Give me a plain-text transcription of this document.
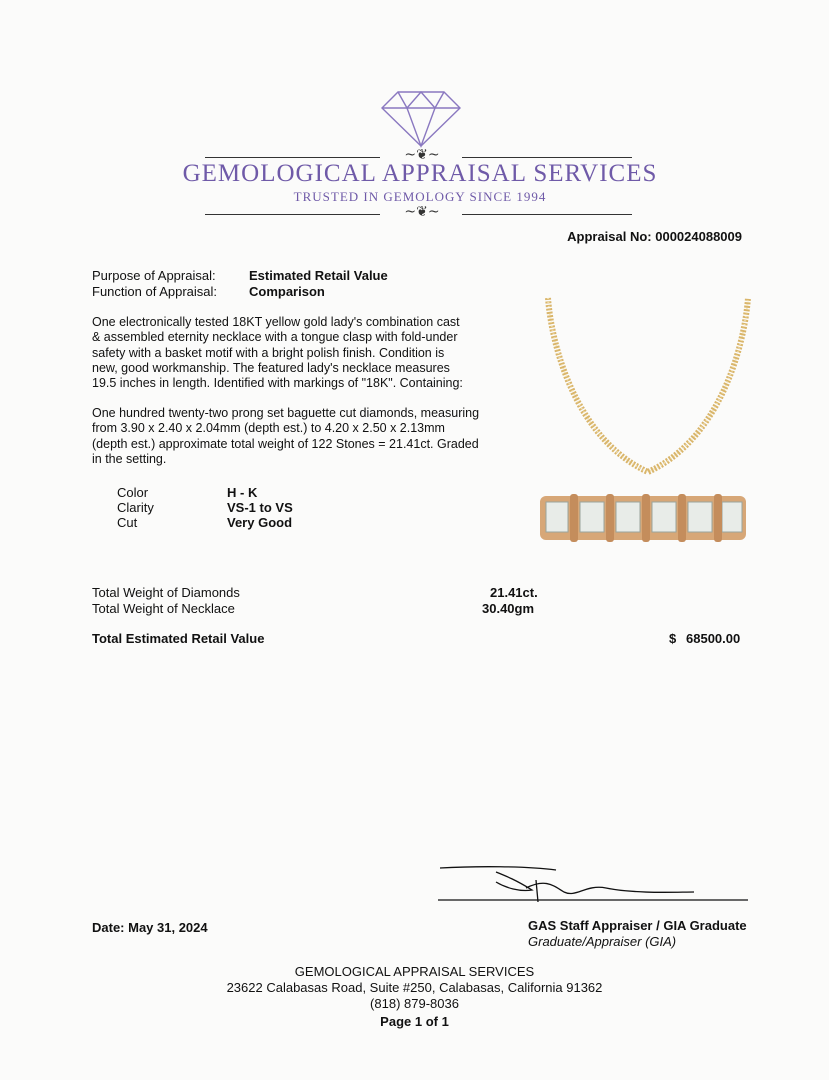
~❦~
GEMOLOGICAL APPRAISAL SERVICES
TRUSTED IN GEMOLOGY SINCE 1994
~❦~
Appraisal No: 000024088009
Purpose of Appraisal:	Estimated Retail Value
Function of Appraisal: Comparison
One electronically tested 18KT yellow gold lady's combination cast
& assembled eternity necklace with a tongue clasp with fold-under
safety with a basket motif with a bright polish finish. Condition is
new, good workmanship. The featured lady's necklace measures
19.5 inches in length. Identified with markings of "18K". Containing:
One hundred twenty-two prong set baguette cut diamonds, measuring
from 3.90 x 2.40 x 2.04mm (depth est.) to 4.20 x 2.50 x 2.13mm
(depth est.) approximate total weight of 122 Stones = 21.41ct. Graded
in the setting.
Color	H - K
Clarity	VS-1 to VS
Cut	Very Good
Total Weight of Diamonds	21.41ct.
Total Weight of Necklace	30.40gm
Total Estimated Retail Value	$ 68500.00
Date: May 31, 2024	GAS Staff Appraiser / GIA Graduate
Graduate/Appraiser (GIA)
GEMOLOGICAL APPRAISAL SERVICES
23622 Calabasas Road, Suite #250, Calabasas, California 91362
(818) 879-8036
Page 1 of 1
